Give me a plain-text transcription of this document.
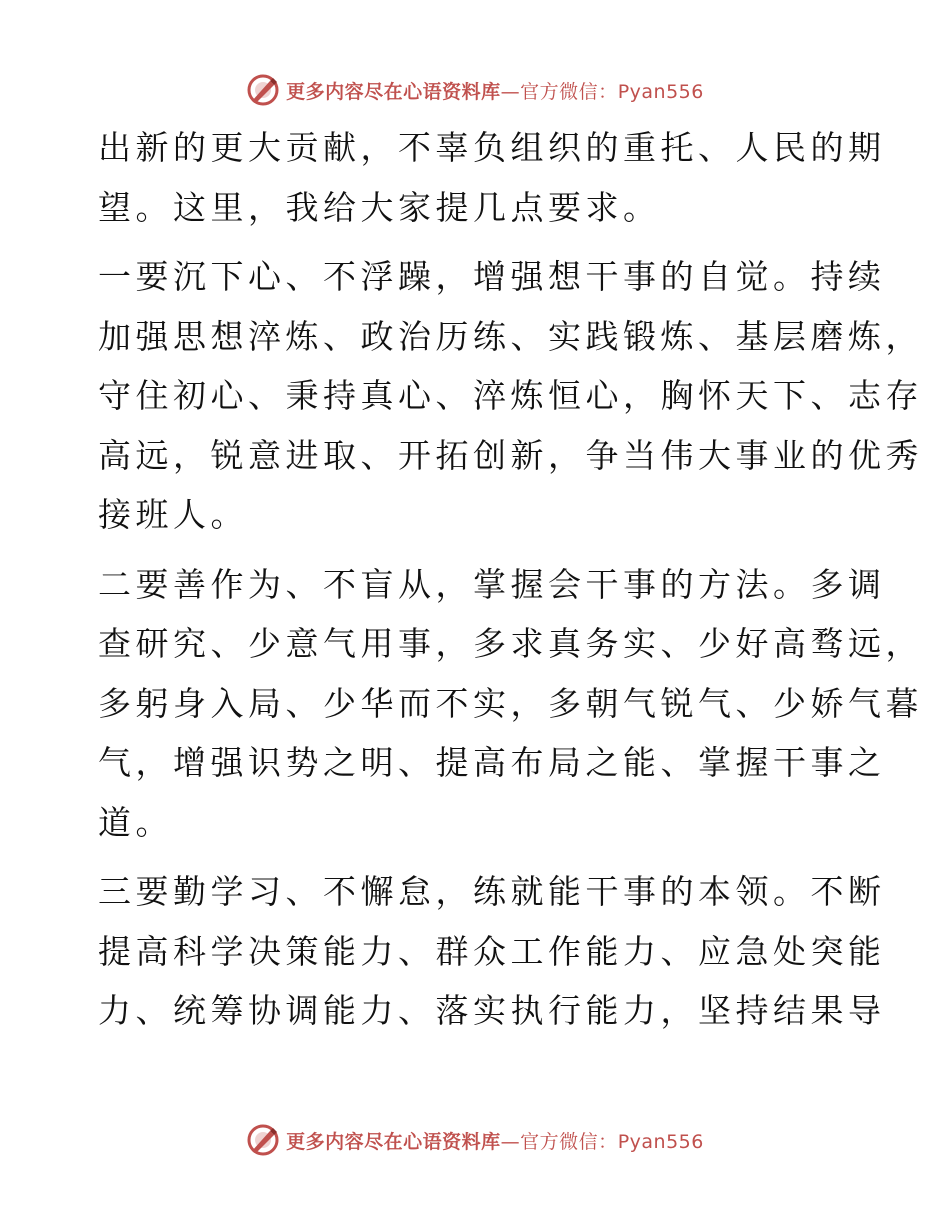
更多内容尽在心语资料库—官方微信：Pyan556

出新的更大贡献，不辜负组织的重托、人民的期
望。这里，我给大家提几点要求。

一要沉下心、不浮躁，增强想干事的自觉。持续
加强思想淬炼、政治历练、实践锻炼、基层磨炼，
守住初心、秉持真心、淬炼恒心，胸怀天下、志存
高远，锐意进取、开拓创新，争当伟大事业的优秀
接班人。

二要善作为、不盲从，掌握会干事的方法。多调
查研究、少意气用事，多求真务实、少好高骛远，
多躬身入局、少华而不实，多朝气锐气、少娇气暮
气，增强识势之明、提高布局之能、掌握干事之
道。

三要勤学习、不懈怠，练就能干事的本领。不断
提高科学决策能力、群众工作能力、应急处突能
力、统筹协调能力、落实执行能力，坚持结果导

更多内容尽在心语资料库—官方微信：Pyan556
